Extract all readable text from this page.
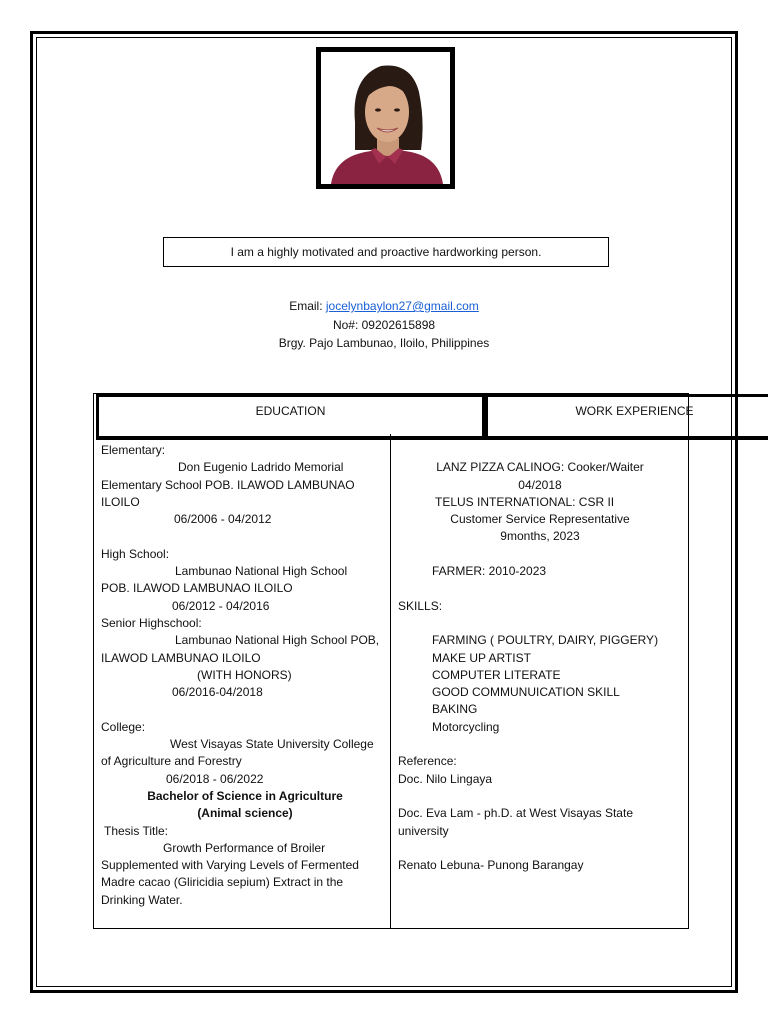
I am a highly motivated and proactive hardworking person.
Email: jocelynbaylon27@gmail.com
No#: 09202615898
Brgy. Pajo Lambunao, Iloilo, Philippines
EDUCATION	WORK EXPERIENCE
Elementary:
Don Eugenio Ladrido Memorial
Elementary School POB. ILAWOD LAMBUNAO
ILOILO
06/2006 - 04/2012
High School:
Lambunao National High School
POB. ILAWOD LAMBUNAO ILOILO
06/2012 - 04/2016
Senior Highschool:
Lambunao National High School POB,
ILAWOD LAMBUNAO ILOILO
(WITH HONORS)
06/2016-04/2018
College:
West Visayas State University College
of Agriculture and Forestry
06/2018 - 06/2022
Bachelor of Science in Agriculture
(Animal science)
Thesis Title:
Growth Performance of Broiler
Supplemented with Varying Levels of Fermented
Madre cacao (Gliricidia sepium) Extract in the
Drinking Water.
LANZ PIZZA CALINOG: Cooker/Waiter
04/2018
TELUS INTERNATIONAL: CSR II
Customer Service Representative
9months, 2023
FARMER: 2010-2023
SKILLS:
FARMING ( POULTRY, DAIRY, PIGGERY)
MAKE UP ARTIST
COMPUTER LITERATE
GOOD COMMUNUICATION SKILL
BAKING
Motorcycling
Reference:
Doc. Nilo Lingaya
Doc. Eva Lam - ph.D. at West Visayas State
university
Renato Lebuna- Punong Barangay
